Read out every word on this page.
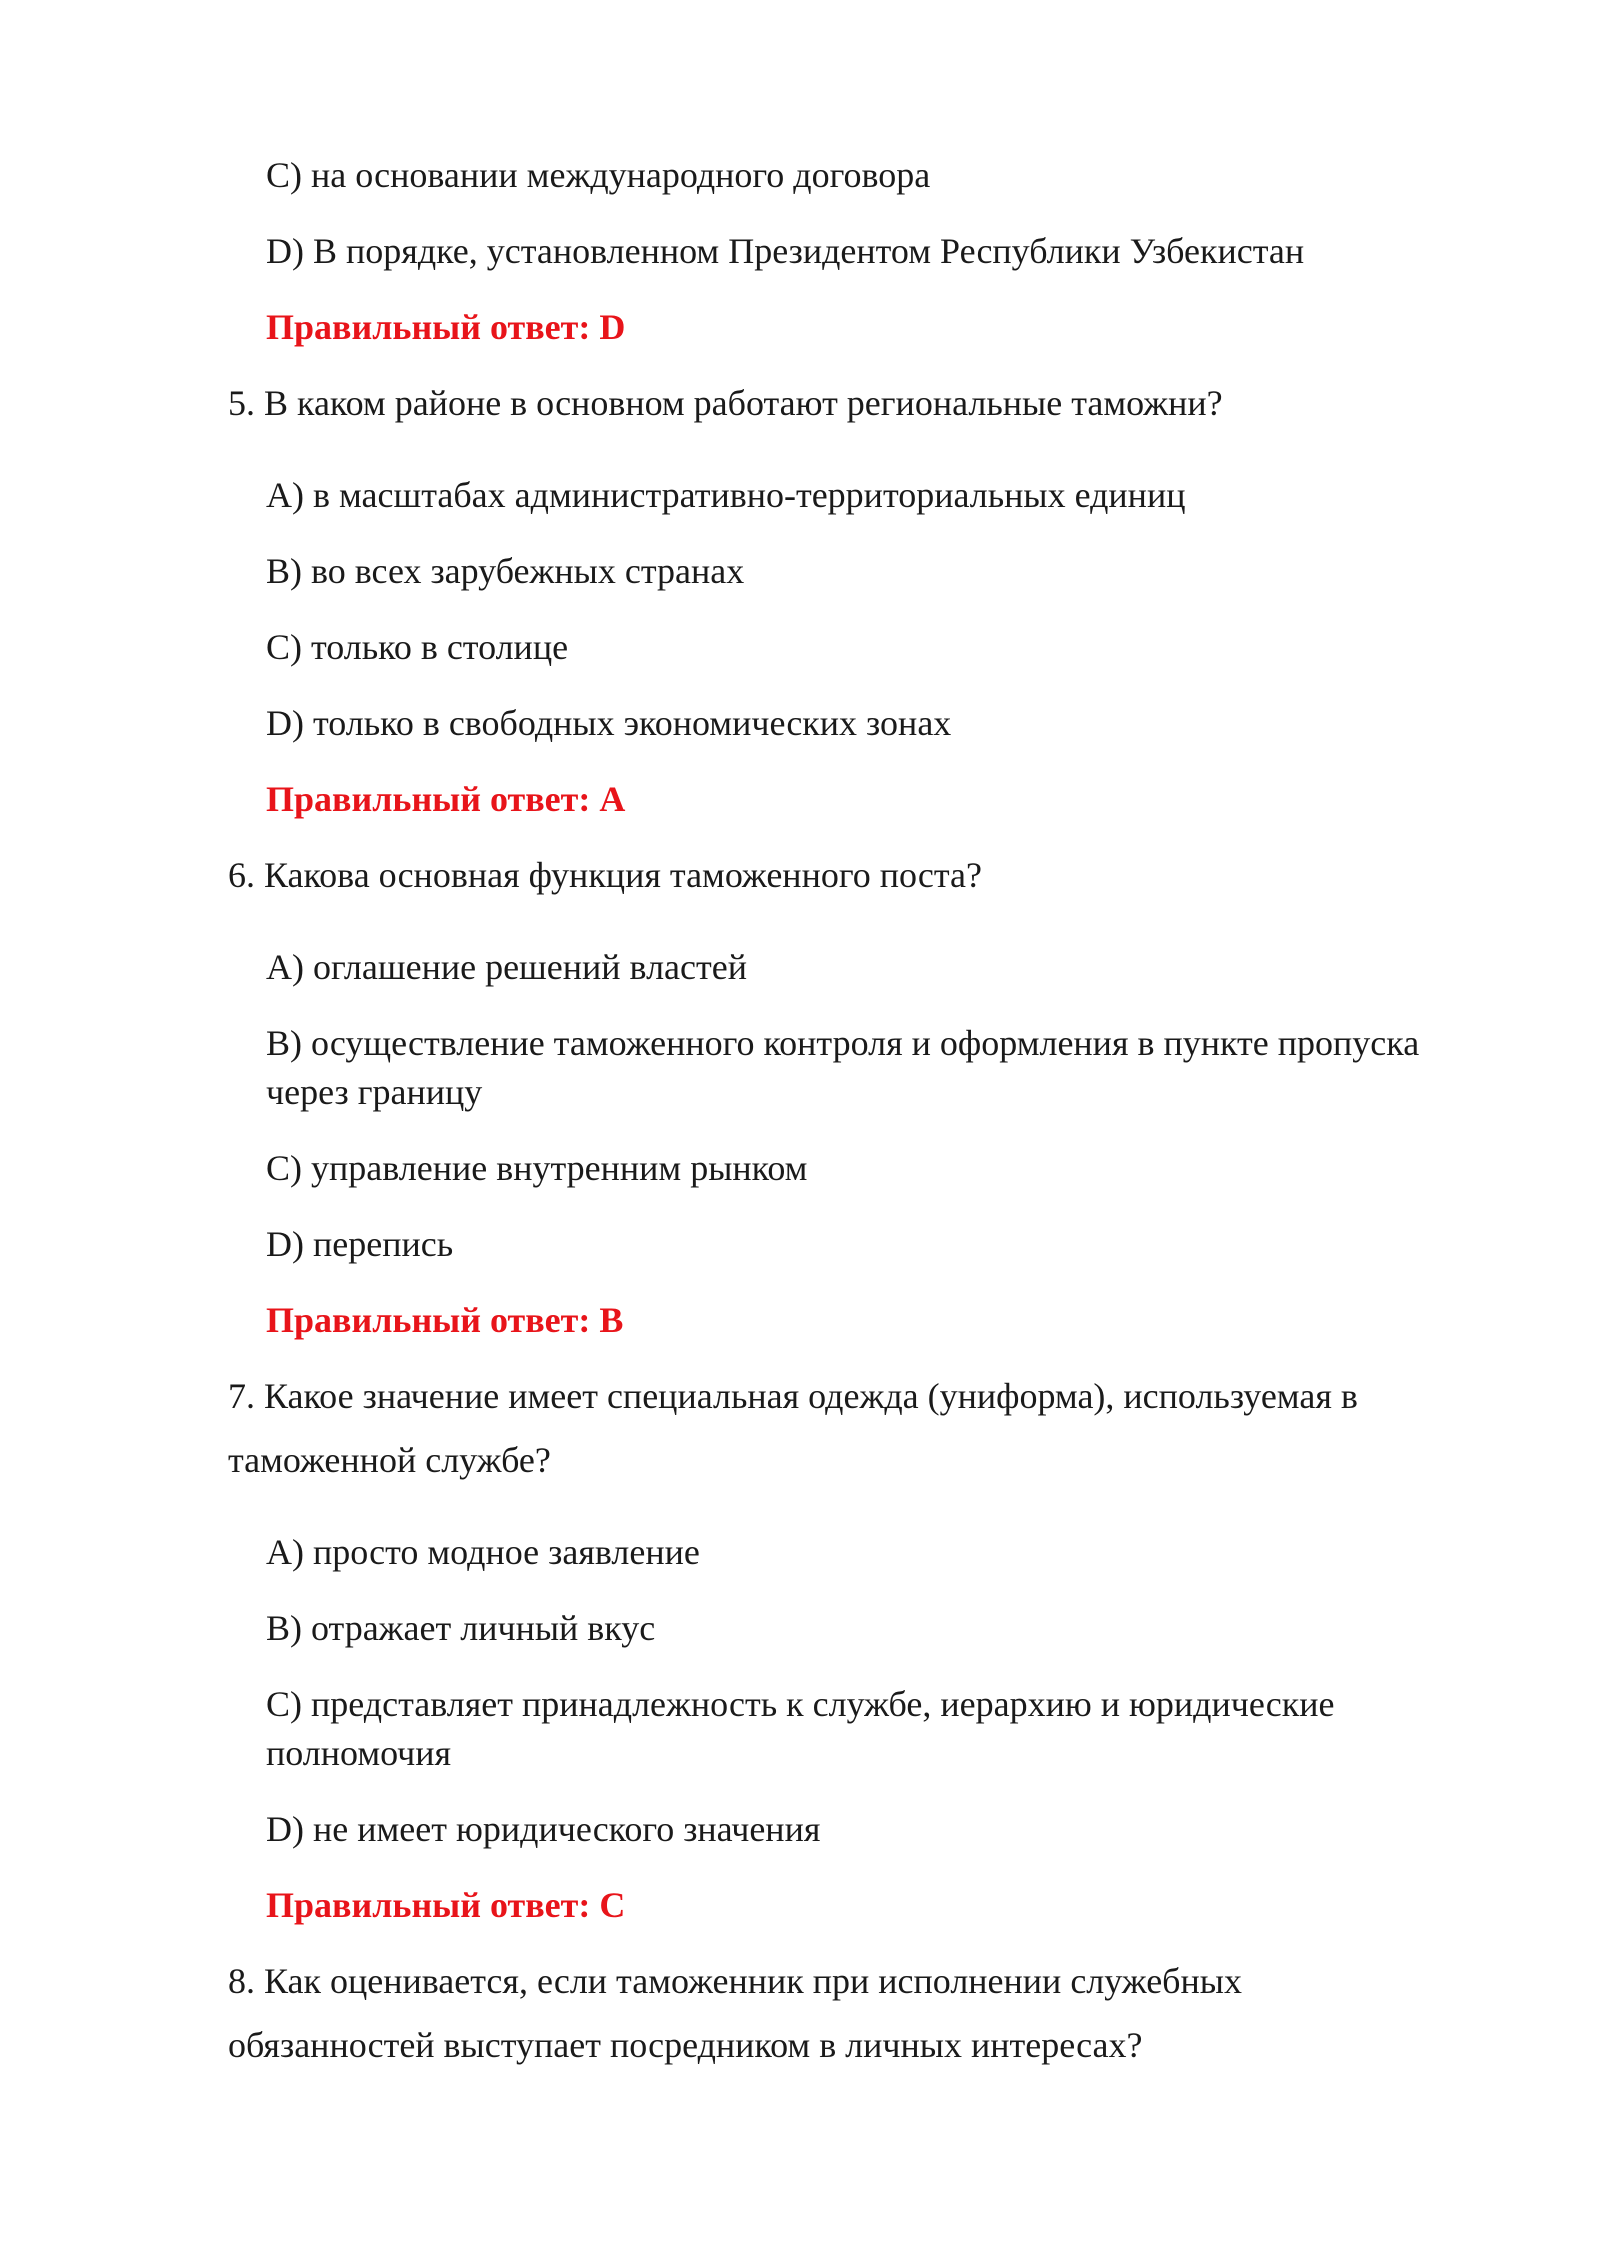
C) на основании международного договора

D) В порядке, установленном Президентом Республики Узбекистан

Правильный ответ: D

5. В каком районе в основном работают региональные таможни?

A) в масштабах административно-территориальных единиц

B) во всех зарубежных странах

C) только в столице

D) только в свободных экономических зонах

Правильный ответ: A

6. Какова основная функция таможенного поста?

A) оглашение решений властей

B) осуществление таможенного контроля и оформления в пункте пропуска

через границу

C) управление внутренним рынком

D) перепись

Правильный ответ: B

7. Какое значение имеет специальная одежда (униформа), используемая в

таможенной службе?

A) просто модное заявление

B) отражает личный вкус

C) представляет принадлежность к службе, иерархию и юридические

полномочия

D) не имеет юридического значения

Правильный ответ: C

8. Как оценивается, если таможенник при исполнении служебных

обязанностей выступает посредником в личных интересах?
